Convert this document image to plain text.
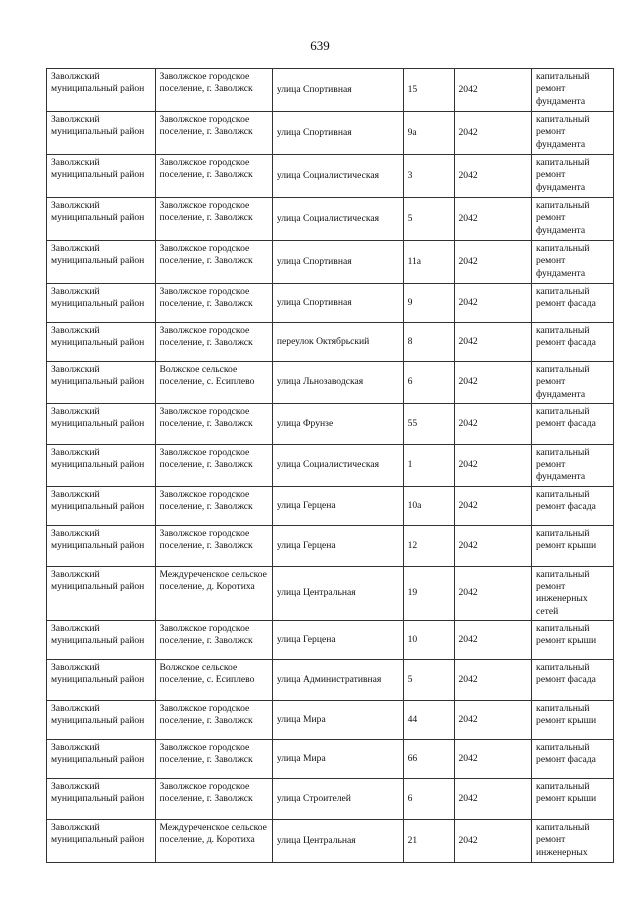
639
Заволжский муниципальный район	Заволжское городское поселение, г. Заволжск	улица Спортивная	15	2042	капитальный ремонт фундамента
Заволжский муниципальный район	Заволжское городское поселение, г. Заволжск	улица Спортивная	9а	2042	капитальный ремонт фундамента
Заволжский муниципальный район	Заволжское городское поселение, г. Заволжск	улица Социалистическая	3	2042	капитальный ремонт фундамента
Заволжский муниципальный район	Заволжское городское поселение, г. Заволжск	улица Социалистическая	5	2042	капитальный ремонт фундамента
Заволжский муниципальный район	Заволжское городское поселение, г. Заволжск	улица Спортивная	11а	2042	капитальный ремонт фундамента
Заволжский муниципальный район	Заволжское городское поселение, г. Заволжск	улица Спортивная	9	2042	капитальный ремонт фасада
Заволжский муниципальный район	Заволжское городское поселение, г. Заволжск	переулок Октябрьский	8	2042	капитальный ремонт фасада
Заволжский муниципальный район	Волжское сельское поселение, с. Есиплево	улица Льнозаводская	6	2042	капитальный ремонт фундамента
Заволжский муниципальный район	Заволжское городское поселение, г. Заволжск	улица Фрунзе	55	2042	капитальный ремонт фасада
Заволжский муниципальный район	Заволжское городское поселение, г. Заволжск	улица Социалистическая	1	2042	капитальный ремонт фундамента
Заволжский муниципальный район	Заволжское городское поселение, г. Заволжск	улица Герцена	10а	2042	капитальный ремонт фасада
Заволжский муниципальный район	Заволжское городское поселение, г. Заволжск	улица Герцена	12	2042	капитальный ремонт крыши
Заволжский муниципальный район	Междуреченское сельское поселение, д. Коротиха	улица Центральная	19	2042	капитальный ремонт инженерных сетей
Заволжский муниципальный район	Заволжское городское поселение, г. Заволжск	улица Герцена	10	2042	капитальный ремонт крыши
Заволжский муниципальный район	Волжское сельское поселение, с. Есиплево	улица Административная	5	2042	капитальный ремонт фасада
Заволжский муниципальный район	Заволжское городское поселение, г. Заволжск	улица Мира	44	2042	капитальный ремонт крыши
Заволжский муниципальный район	Заволжское городское поселение, г. Заволжск	улица Мира	66	2042	капитальный ремонт фасада
Заволжский муниципальный район	Заволжское городское поселение, г. Заволжск	улица Строителей	6	2042	капитальный ремонт крыши
Заволжский муниципальный район	Междуреченское сельское поселение, д. Коротиха	улица Центральная	21	2042	капитальный ремонт инженерных
